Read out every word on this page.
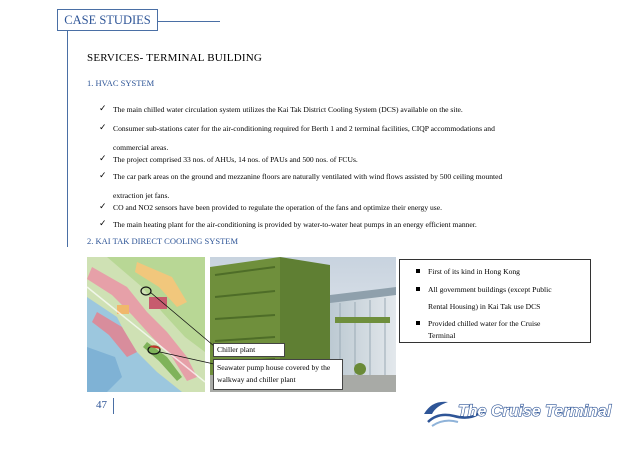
CASE STUDIES
SERVICES- TERMINAL BUILDING
1. HVAC SYSTEM
✓ The main chilled water circulation system utilizes the Kai Tak District Cooling System (DCS) available on the site.
✓ Consumer sub-stations cater for the air-conditioning required for Berth 1 and 2 terminal facilities, CIQP accommodations and
commercial areas.
✓ The project comprised 33 nos. of AHUs, 14 nos. of PAUs and 500 nos. of FCUs.
✓ The car park areas on the ground and mezzanine floors are naturally ventilated with wind flows assisted by 500 ceiling mounted
extraction jet fans.
✓ CO and NO2 sensors have been provided to regulate the operation of the fans and optimize their energy use.
✓ The main heating plant for the air-conditioning is provided by water-to-water heat pumps in an energy efficient manner.
2. KAI TAK DIRECT COOLING SYSTEM
First of its kind in Hong Kong
All government buildings (except Public
Rental Housing) in Kai Tak use DCS
Provided chilled water for the Cruise
Terminal
Chiller plant
Seawater pump house covered by the walkway and chiller plant
47	The Cruise Terminal
